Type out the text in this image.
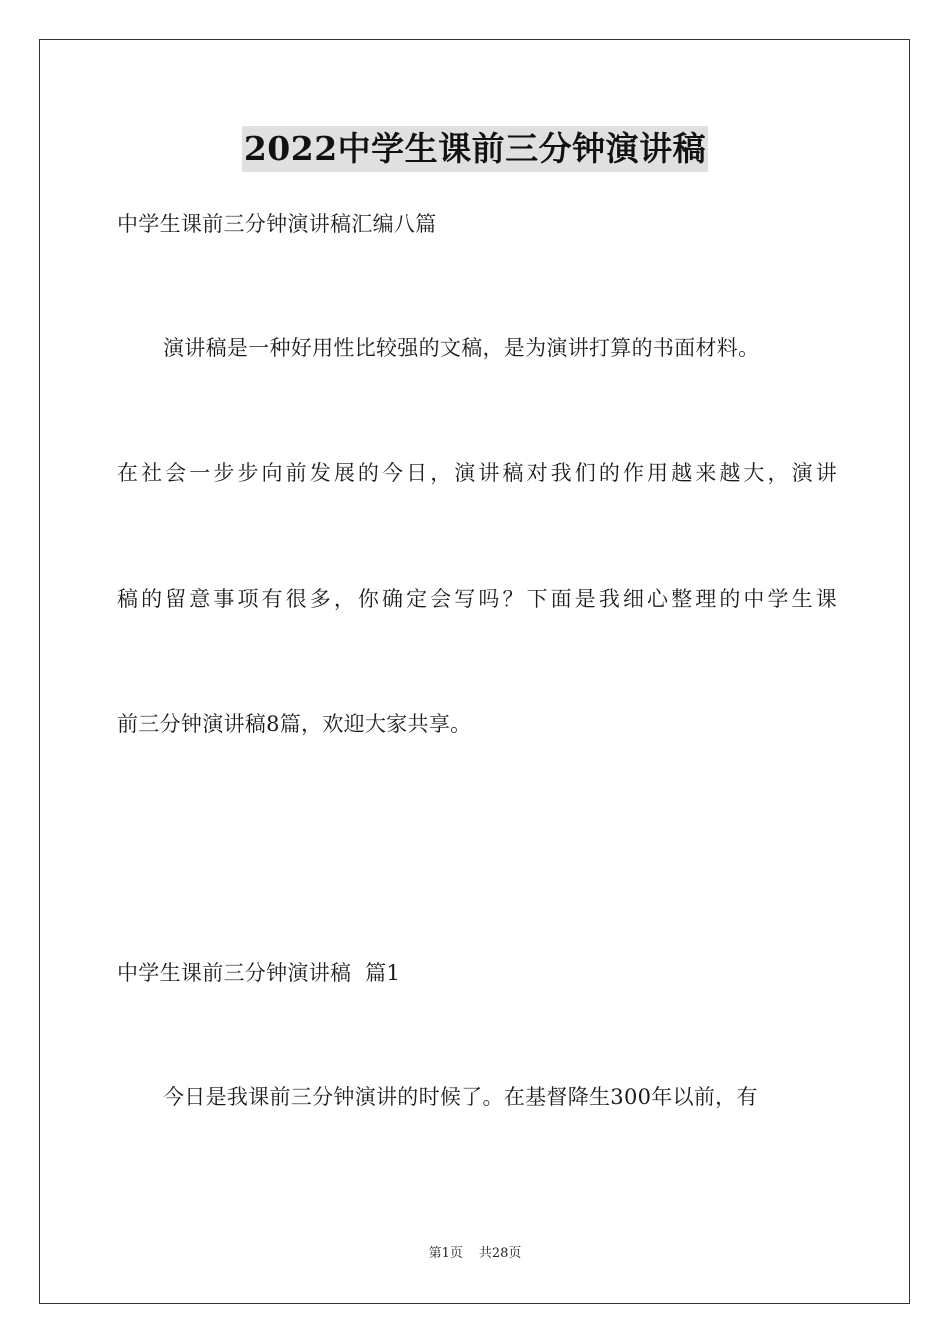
2022中学生课前三分钟演讲稿
中学生课前三分钟演讲稿汇编八篇
演讲稿是一种好用性比较强的文稿，是为演讲打算的书面材料。
在社会一步步向前发展的今日，演讲稿对我们的作用越来越大，演讲
稿的留意事项有很多，你确定会写吗？下面是我细心整理的中学生课
前三分钟演讲稿8篇，欢迎大家共享。
中学生课前三分钟演讲稿  篇1
今日是我课前三分钟演讲的时候了。在基督降生300年以前，有
第1页 共28页
